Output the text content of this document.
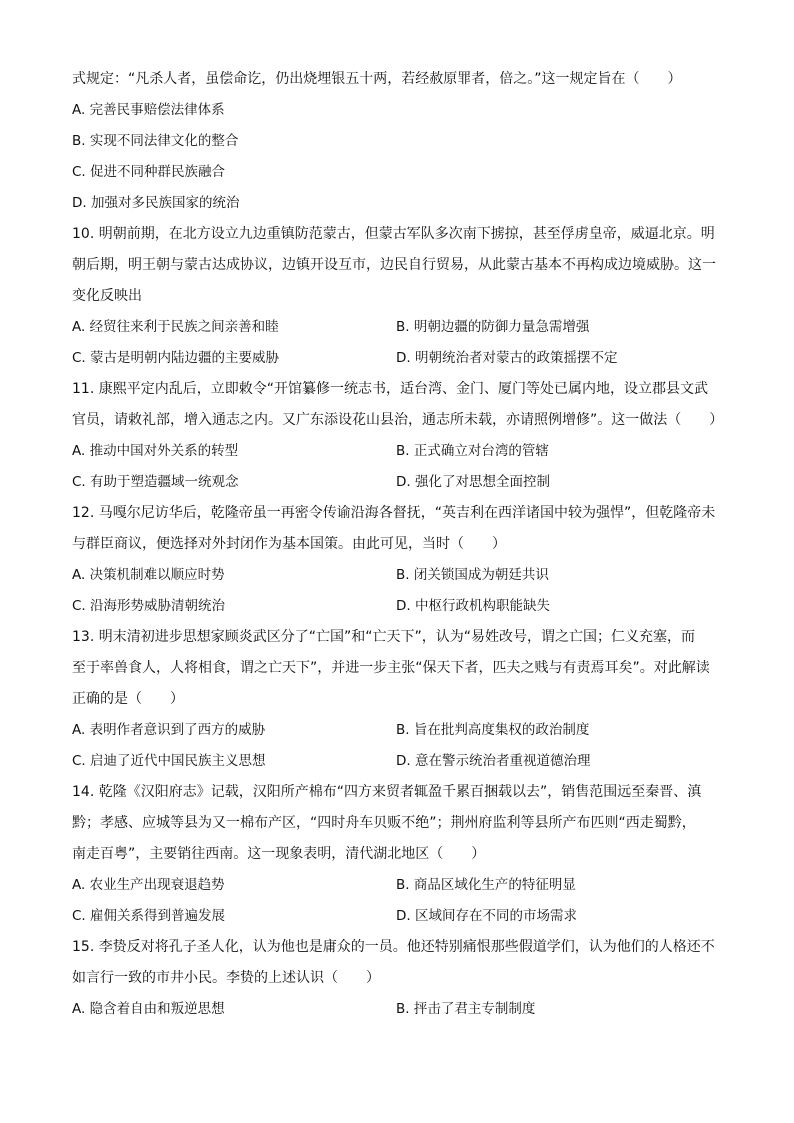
式规定：“凡杀人者，虽偿命讫，仍出烧埋银五十两，若经赦原罪者，倍之。”这一规定旨在（　　）
A. 完善民事赔偿法律体系
B. 实现不同法律文化的整合
C. 促进不同种群民族融合
D. 加强对多民族国家的统治
10. 明朝前期，在北方设立九边重镇防范蒙古，但蒙古军队多次南下掳掠，甚至俘虏皇帝，威逼北京。明
朝后期，明王朝与蒙古达成协议，边镇开设互市，边民自行贸易，从此蒙古基本不再构成边境威胁。这一
变化反映出
A. 经贸往来利于民族之间亲善和睦	B. 明朝边疆的防御力量急需增强
C. 蒙古是明朝内陆边疆的主要威胁	D. 明朝统治者对蒙古的政策摇摆不定
11. 康熙平定内乱后，立即敕令“开馆纂修一统志书，适台湾、金门、厦门等处已属内地，设立郡县文武
官员，请敕礼部，增入通志之内。又广东添设花山县治，通志所未载，亦请照例增修”。这一做法（　　）
A. 推动中国对外关系的转型	B. 正式确立对台湾的管辖
C. 有助于塑造疆域一统观念	D. 强化了对思想全面控制
12. 马嘎尔尼访华后，乾隆帝虽一再密令传谕沿海各督抚，“英吉利在西洋诸国中较为强悍”，但乾隆帝未
与群臣商议，便选择对外封闭作为基本国策。由此可见，当时（　　）
A. 决策机制难以顺应时势	B. 闭关锁国成为朝廷共识
C. 沿海形势威胁清朝统治	D. 中枢行政机构职能缺失
13. 明末清初进步思想家顾炎武区分了“亡国”和“亡天下”，认为“易姓改号，谓之亡国；仁义充塞，而
至于率兽食人，人将相食，谓之亡天下”，并进一步主张“保天下者，匹夫之贱与有责焉耳矣”。对此解读
正确的是（　　）
A. 表明作者意识到了西方的威胁	B. 旨在批判高度集权的政治制度
C. 启迪了近代中国民族主义思想	D. 意在警示统治者重视道德治理
14. 乾隆《汉阳府志》记载，汉阳所产棉布“四方来贸者辄盈千累百捆载以去”，销售范围远至秦晋、滇
黔；孝感、应城等县为又一棉布产区，“四时舟车贝贩不绝”；荆州府监利等县所产布匹则“西走蜀黔，
南走百粤”，主要销往西南。这一现象表明，清代湖北地区（　　）
A. 农业生产出现衰退趋势	B. 商品区域化生产的特征明显
C. 雇佣关系得到普遍发展	D. 区域间存在不同的市场需求
15. 李贽反对将孔子圣人化，认为他也是庸众的一员。他还特别痛恨那些假道学们，认为他们的人格还不
如言行一致的市井小民。李贽的上述认识（　　）
A. 隐含着自由和叛逆思想	B. 抨击了君主专制制度
